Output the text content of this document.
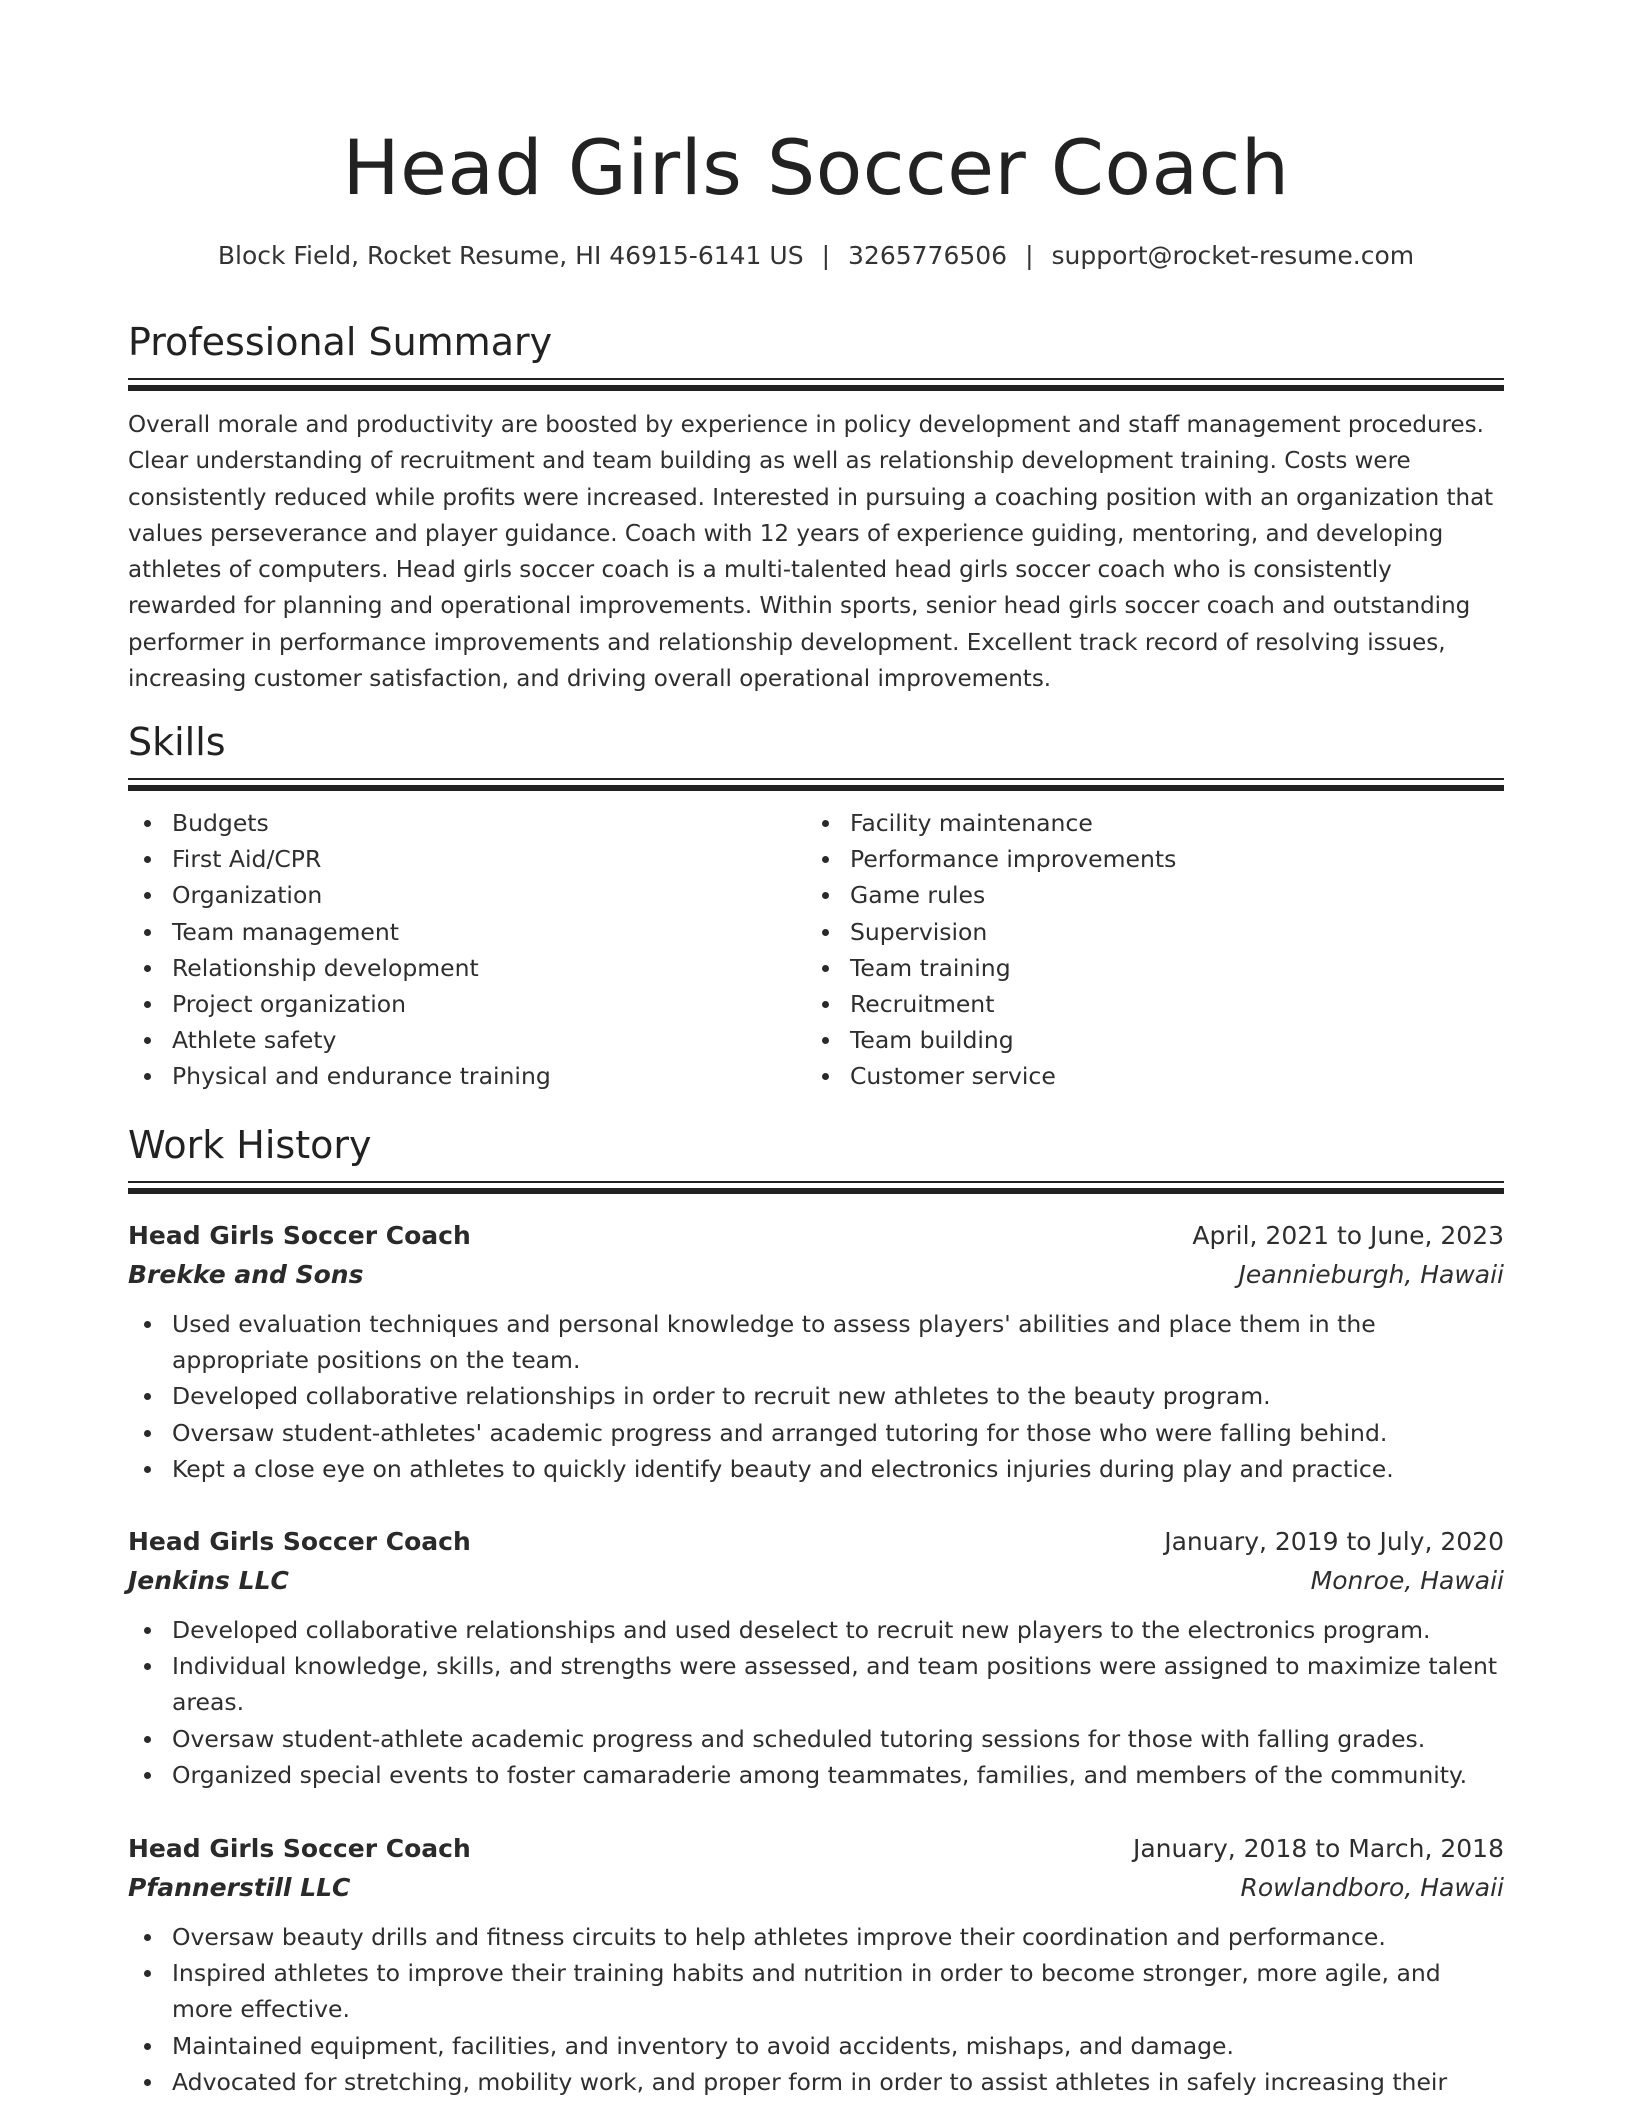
Head Girls Soccer Coach
Block Field, Rocket Resume, HI 46915-6141 US | 3265776506 | support@rocket-resume.com
Professional Summary

Overall morale and productivity are boosted by experience in policy development and staff management procedures. Clear understanding of recruitment and team building as well as relationship development training. Costs were consistently reduced while profits were increased. Interested in pursuing a coaching position with an organization that values perseverance and player guidance. Coach with 12 years of experience guiding, mentoring, and developing athletes of computers. Head girls soccer coach is a multi-talented head girls soccer coach who is consistently rewarded for planning and operational improvements. Within sports, senior head girls soccer coach and outstanding performer in performance improvements and relationship development. Excellent track record of resolving issues, increasing customer satisfaction, and driving overall operational improvements.

Skills
Budgets
First Aid/CPR
Organization
Team management
Relationship development
Project organization
Athlete safety
Physical and endurance training
Facility maintenance
Performance improvements
Game rules
Supervision
Team training
Recruitment
Team building
Customer service
Work History
Head Girls Soccer Coach	April, 2021 to June, 2023
Brekke and Sons	Jeannieburgh, Hawaii
Used evaluation techniques and personal knowledge to assess players' abilities and place them in the appropriate positions on the team.
Developed collaborative relationships in order to recruit new athletes to the beauty program.
Oversaw student-athletes' academic progress and arranged tutoring for those who were falling behind.
Kept a close eye on athletes to quickly identify beauty and electronics injuries during play and practice.
Head Girls Soccer Coach	January, 2019 to July, 2020
Jenkins LLC	Monroe, Hawaii
Developed collaborative relationships and used deselect to recruit new players to the electronics program.
Individual knowledge, skills, and strengths were assessed, and team positions were assigned to maximize talent areas.
Oversaw student-athlete academic progress and scheduled tutoring sessions for those with falling grades.
Organized special events to foster camaraderie among teammates, families, and members of the community.
Head Girls Soccer Coach	January, 2018 to March, 2018
Pfannerstill LLC	Rowlandboro, Hawaii
Oversaw beauty drills and fitness circuits to help athletes improve their coordination and performance.
Inspired athletes to improve their training habits and nutrition in order to become stronger, more agile, and more effective.
Maintained equipment, facilities, and inventory to avoid accidents, mishaps, and damage.
Advocated for stretching, mobility work, and proper form in order to assist athletes in safely increasing their
